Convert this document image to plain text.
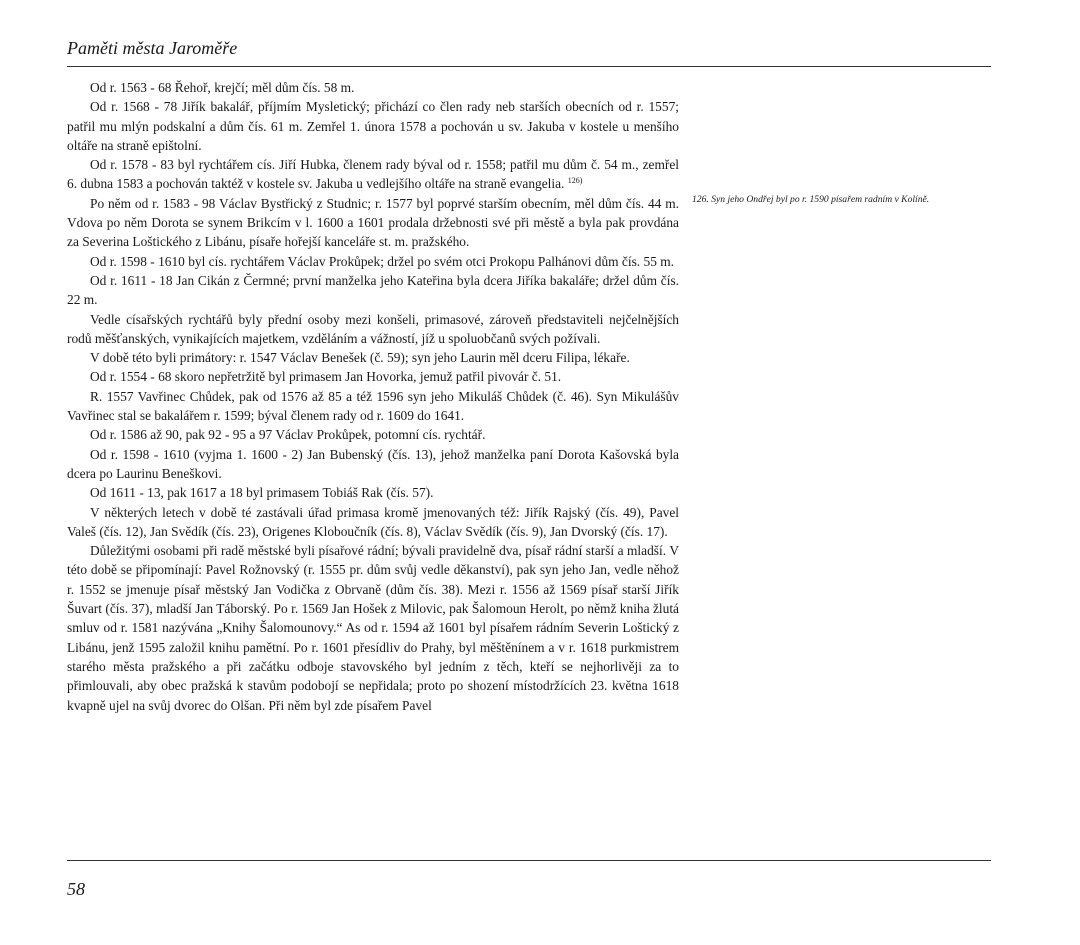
Paměti města Jaroměře

Od r. 1563 - 68 Řehoř, krejčí; měl dům čís. 58 m.

Od r. 1568 - 78 Jiřík bakalář, příjmím Mysletický; přichází co člen rady neb starších obecních od r. 1557; patřil mu mlýn podskalní a dům čís. 61 m. Zemřel 1. února 1578 a pochován u sv. Jakuba v kostele u menšího oltáře na straně epištolní.

Od r. 1578 - 83 byl rychtářem cís. Jiří Hubka, členem rady býval od r. 1558; patřil mu dům č. 54 m., zemřel 6. dubna 1583 a pochován taktéž v kostele sv. Jakuba u vedlejšího oltáře na straně evangelia. $^{126)}$

Po něm od r. 1583 - 98 Václav Bystřický z Studnic; r. 1577 byl poprvé starším obecním, měl dům čís. 44 m. Vdova po něm Dorota se synem Brikcím v l. 1600 a 1601 prodala držebnosti své při městě a byla pak provdána za Severina Loštického z Libánu, písaře hořejší kanceláře st. m. pražského.

Od r. 1598 - 1610 byl cís. rychtářem Václav Prokůpek; držel po svém otci Prokopu Palhánovi dům čís. 55 m.

Od r. 1611 - 18 Jan Cikán z Čermné; první manželka jeho Kateřina byla dcera Jiříka bakaláře; držel dům čís. 22 m.

Vedle císařských rychtářů byly přední osoby mezi konšeli, primasové, zároveň představiteli nejčelnějších rodů měšťanských, vynikajících majetkem, vzděláním a vážností, jíž u spoluobčanů svých požívali.

V době této byli primátory: r. 1547 Václav Benešek (č. 59); syn jeho Laurin měl dceru Filipa, lékaře.

Od r. 1554 - 68 skoro nepřetržitě byl primasem Jan Hovorka, jemuž patřil pivovár č. 51.

R. 1557 Vavřinec Chůdek, pak od 1576 až 85 a též 1596 syn jeho Mikuláš Chůdek (č. 46). Syn Mikulášův Vavřinec stal se bakalářem r. 1599; býval členem rady od r. 1609 do 1641.

Od r. 1586 až 90, pak 92 - 95 a 97 Václav Prokůpek, potomní cís. rychtář.

Od r. 1598 - 1610 (vyjma 1. 1600 - 2) Jan Bubenský (čís. 13), jehož manželka paní Dorota Kašovská byla dcera po Laurinu Beneškovi.

Od 1611 - 13, pak 1617 a 18 byl primasem Tobiáš Rak (čís. 57).

V některých letech v době té zastávali úřad primasa kromě jmenovaných též: Jiřík Rajský (čís. 49), Pavel Valeš (čís. 12), Jan Svědík (čís. 23), Origenes Kloboučník (čís. 8), Václav Svědík (čís. 9), Jan Dvorský (čís. 17).

Důležitými osobami při radě městské byli písařové rádní; bývali pravidelně dva, písař rádní starší a mladší. V této době se připomínají: Pavel Rožnovský (r. 1555 pr. dům svůj vedle děkanství), pak syn jeho Jan, vedle něhož r. 1552 se jmenuje písař městský Jan Vodička z Obrvaně (dům čís. 38). Mezi r. 1556 až 1569 písař starší Jiřík Šuvart (čís. 37), mladší Jan Táborský. Po r. 1569 Jan Hošek z Milovic, pak Šalomoun Herolt, po němž kniha žlutá smluv od r. 1581 nazývána „Knihy Šalomounovy.“ As od r. 1594 až 1601 byl písařem rádním Severin Loštický z Libánu, jenž 1595 založil knihu pamětní. Po r. 1601 přesídliv do Prahy, byl měštěnínem a v r. 1618 purkmistrem starého města pražského a při začátku odboje stavovského byl jedním z těch, kteří se nejhorlivěji za to přimlouvali, aby obec pražská k stavům podobojí se nepřidala; proto po shození místodržících 23. května 1618 kvapně ujel na svůj dvorec do Olšan. Při něm byl zde písařem Pavel

126. Syn jeho Ondřej byl po r. 1590 písařem radním v Kolíně.
58
